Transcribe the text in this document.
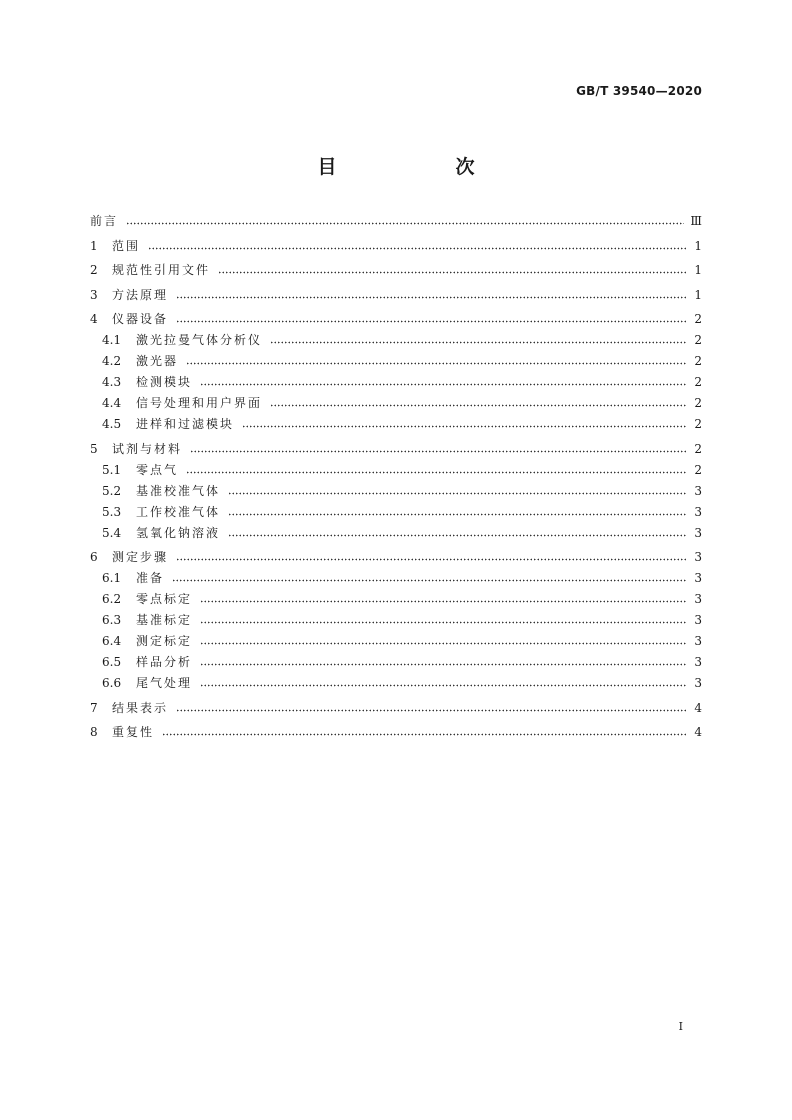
GB/T 39540—2020
目　次
前言	Ⅲ
1	范围	1
2	规范性引用文件	1
3	方法原理	1
4	仪器设备	2
4.1	激光拉曼气体分析仪	2
4.2	激光器	2
4.3	检测模块	2
4.4	信号处理和用户界面	2
4.5	进样和过滤模块	2
5	试剂与材料	2
5.1	零点气	2
5.2	基准校准气体	3
5.3	工作校准气体	3
5.4	氢氧化钠溶液	3
6	测定步骤	3
6.1	准备	3
6.2	零点标定	3
6.3	基准标定	3
6.4	测定标定	3
6.5	样品分析	3
6.6	尾气处理	3
7	结果表示	4
8	重复性	4
I
